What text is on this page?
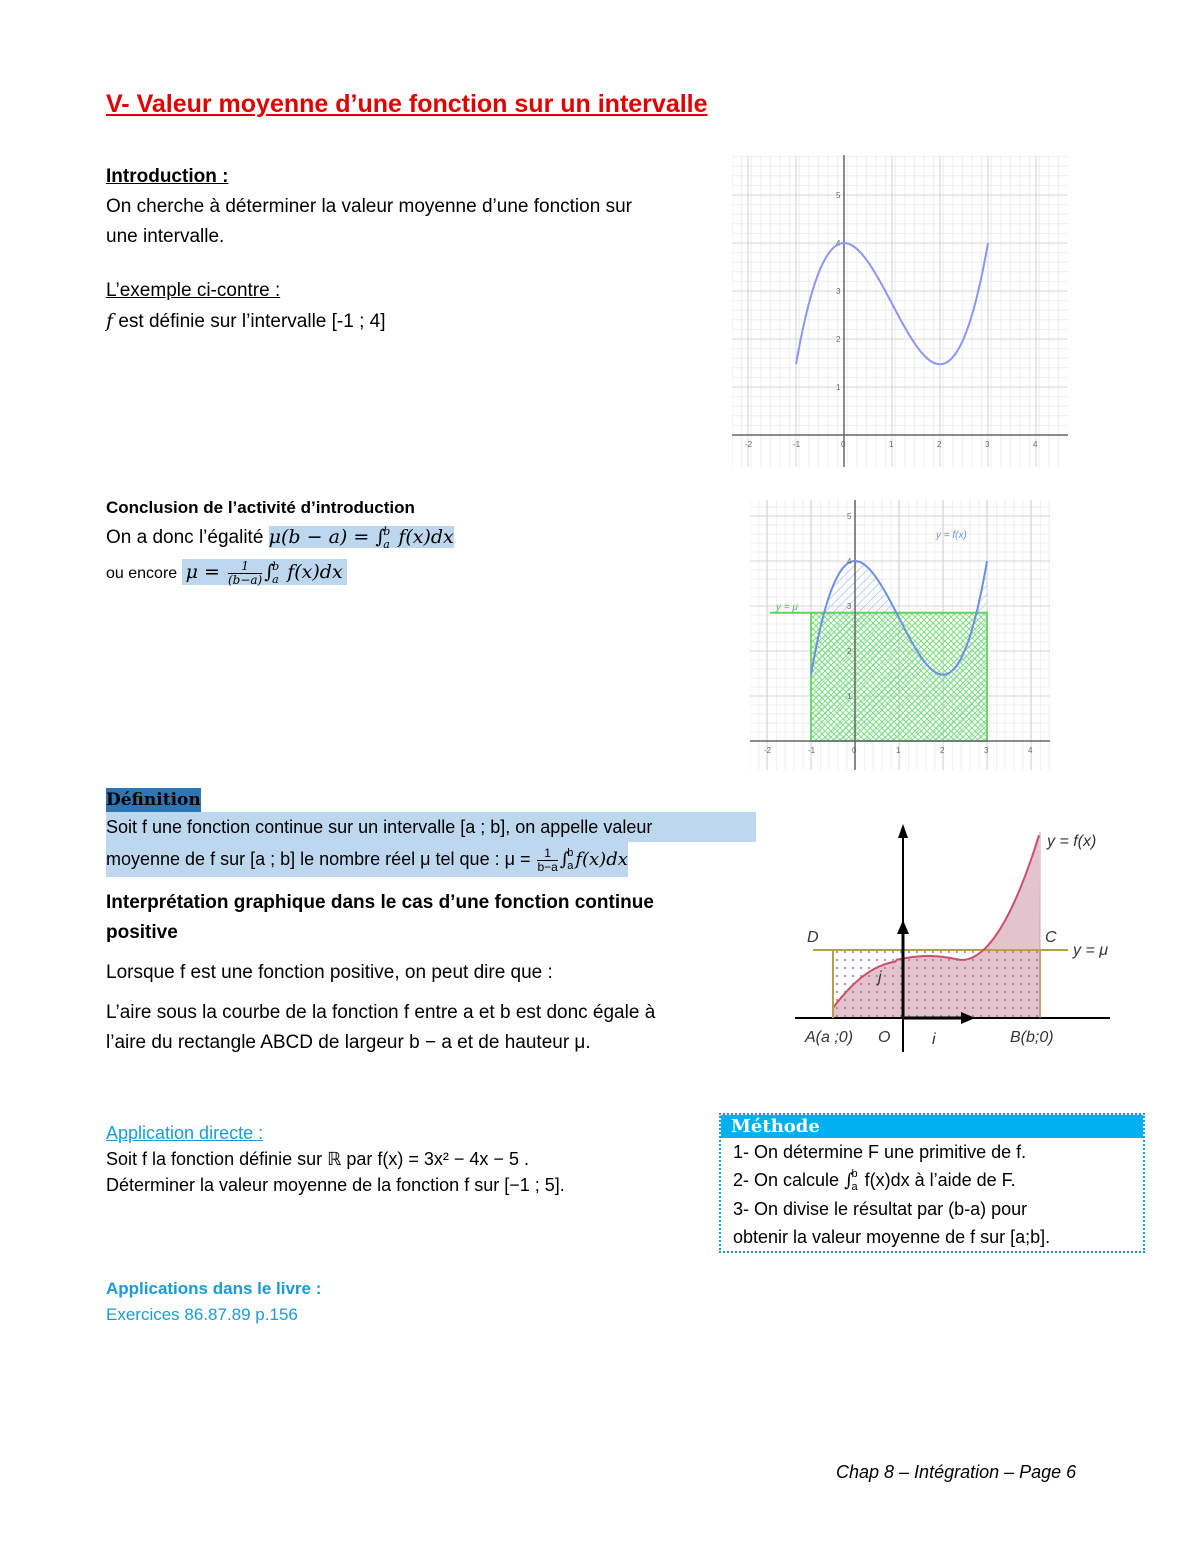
V- Valeur moyenne d’une fonction sur un intervalle
Introduction :
On cherche à déterminer la valeur moyenne d’une fonction sur
une intervalle.
L’exemple ci-contre :
f est définie sur l’intervalle [-1 ; 4]
-2	-1	0	1	2	3	4
1
2
3
4
5
Conclusion de l’activité d’introduction
On a donc l’égalité μ(b − a) = ∫
b
a f(x)dx
ou encore $\mu = \frac{1}{(b-a)}$ ∫
b
a f(x)dx
-2	-1	0	1	2	3	4
1
2
3
4
5
y = f(x)
y = μ
Définition
Soit f une fonction continue sur un intervalle [a ; b], on appelle valeur
moyenne de f sur [a ; b] le nombre réel μ tel que : $\mu = \frac{1}{b-a}$ ∫
b
a f(x)dx
Interprétation graphique dans le cas d’une fonction continue
positive
Lorsque f est une fonction positive, on peut dire que :
L’aire sous la courbe de la fonction f entre a et b est donc égale à
l’aire du rectangle ABCD de largeur b − a et de hauteur μ.
D	C
A(a ;0) O	i
j
B(b;0)
y = f(x)
y = μ
Application directe :
Soit f la fonction définie sur ℝ par f(x) = 3x² − 4x − 5 .
Déterminer la valeur moyenne de la fonction f sur [−1 ; 5].
Méthode
1- On détermine F une primitive de f.
2- On calcule ∫
b
a f(x)dx à l’aide de F.
3- On divise le résultat par (b-a) pour
obtenir la valeur moyenne de f sur [a;b].
Applications dans le livre :
Exercices 86.87.89 p.156
Chap 8 – Intégration – Page 6
